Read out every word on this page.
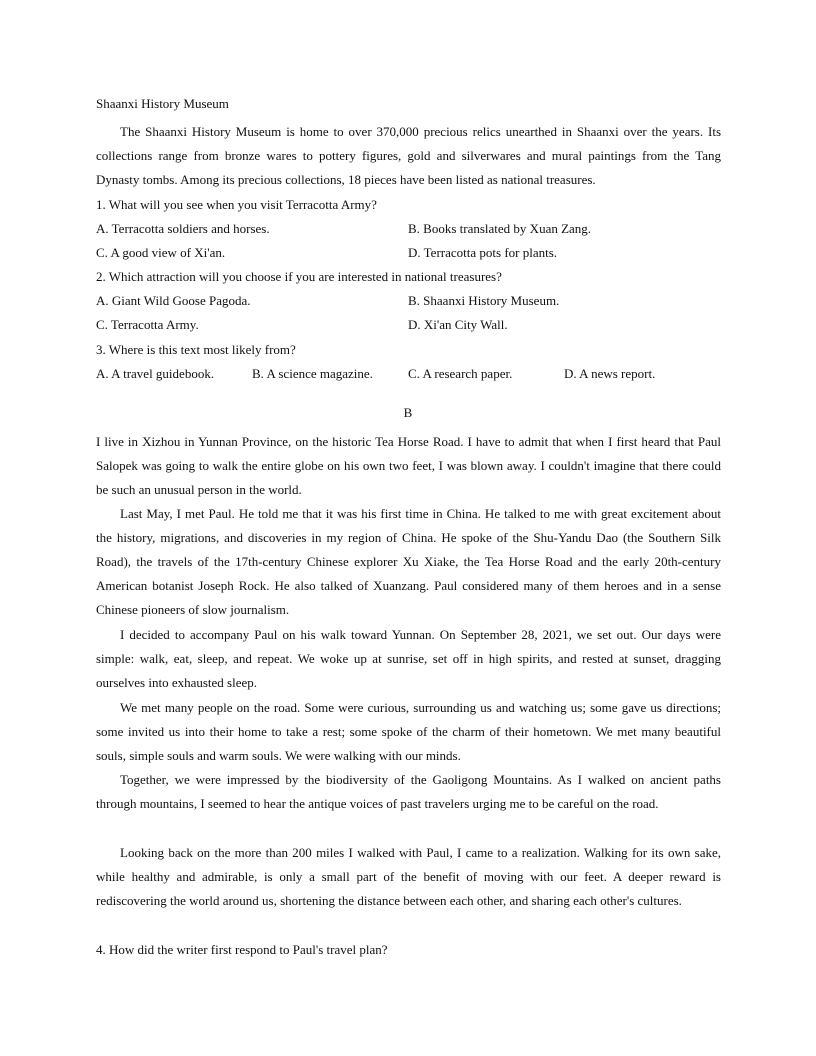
Shaanxi History Museum
The Shaanxi History Museum is home to over 370,000 precious relics unearthed in Shaanxi over the years. Its collections range from bronze wares to pottery figures, gold and silverwares and mural paintings from the Tang Dynasty tombs. Among its precious collections, 18 pieces have been listed as national treasures.
1. What will you see when you visit Terracotta Army?
A. Terracotta soldiers and horses.	B. Books translated by Xuan Zang.
C. A good view of Xi'an.	D. Terracotta pots for plants.
2. Which attraction will you choose if you are interested in national treasures?
A. Giant Wild Goose Pagoda.	B. Shaanxi History Museum.
C. Terracotta Army.	D. Xi'an City Wall.
3. Where is this text most likely from?
A. A travel guidebook.	B. A science magazine.	C. A research paper.	D. A news report.
B
I live in Xizhou in Yunnan Province, on the historic Tea Horse Road. I have to admit that when I first heard that Paul Salopek was going to walk the entire globe on his own two feet, I was blown away. I couldn't imagine that there could be such an unusual person in the world.
Last May, I met Paul. He told me that it was his first time in China. He talked to me with great excitement about the history, migrations, and discoveries in my region of China. He spoke of the Shu-Yandu Dao (the Southern Silk Road), the travels of the 17th-century Chinese explorer Xu Xiake, the Tea Horse Road and the early 20th-century American botanist Joseph Rock. He also talked of Xuanzang. Paul considered many of them heroes and in a sense Chinese pioneers of slow journalism.
I decided to accompany Paul on his walk toward Yunnan. On September 28, 2021, we set out. Our days were simple: walk, eat, sleep, and repeat. We woke up at sunrise, set off in high spirits, and rested at sunset, dragging ourselves into exhausted sleep.
We met many people on the road. Some were curious, surrounding us and watching us; some gave us directions; some invited us into their home to take a rest; some spoke of the charm of their hometown. We met many beautiful souls, simple souls and warm souls. We were walking with our minds.
Together, we were impressed by the biodiversity of the Gaoligong Mountains. As I walked on ancient paths through mountains, I seemed to hear the antique voices of past travelers urging me to be careful on the road.
Looking back on the more than 200 miles I walked with Paul, I came to a realization. Walking for its own sake, while healthy and admirable, is only a small part of the benefit of moving with our feet. A deeper reward is rediscovering the world around us, shortening the distance between each other, and sharing each other's cultures.
4. How did the writer first respond to Paul's travel plan?
